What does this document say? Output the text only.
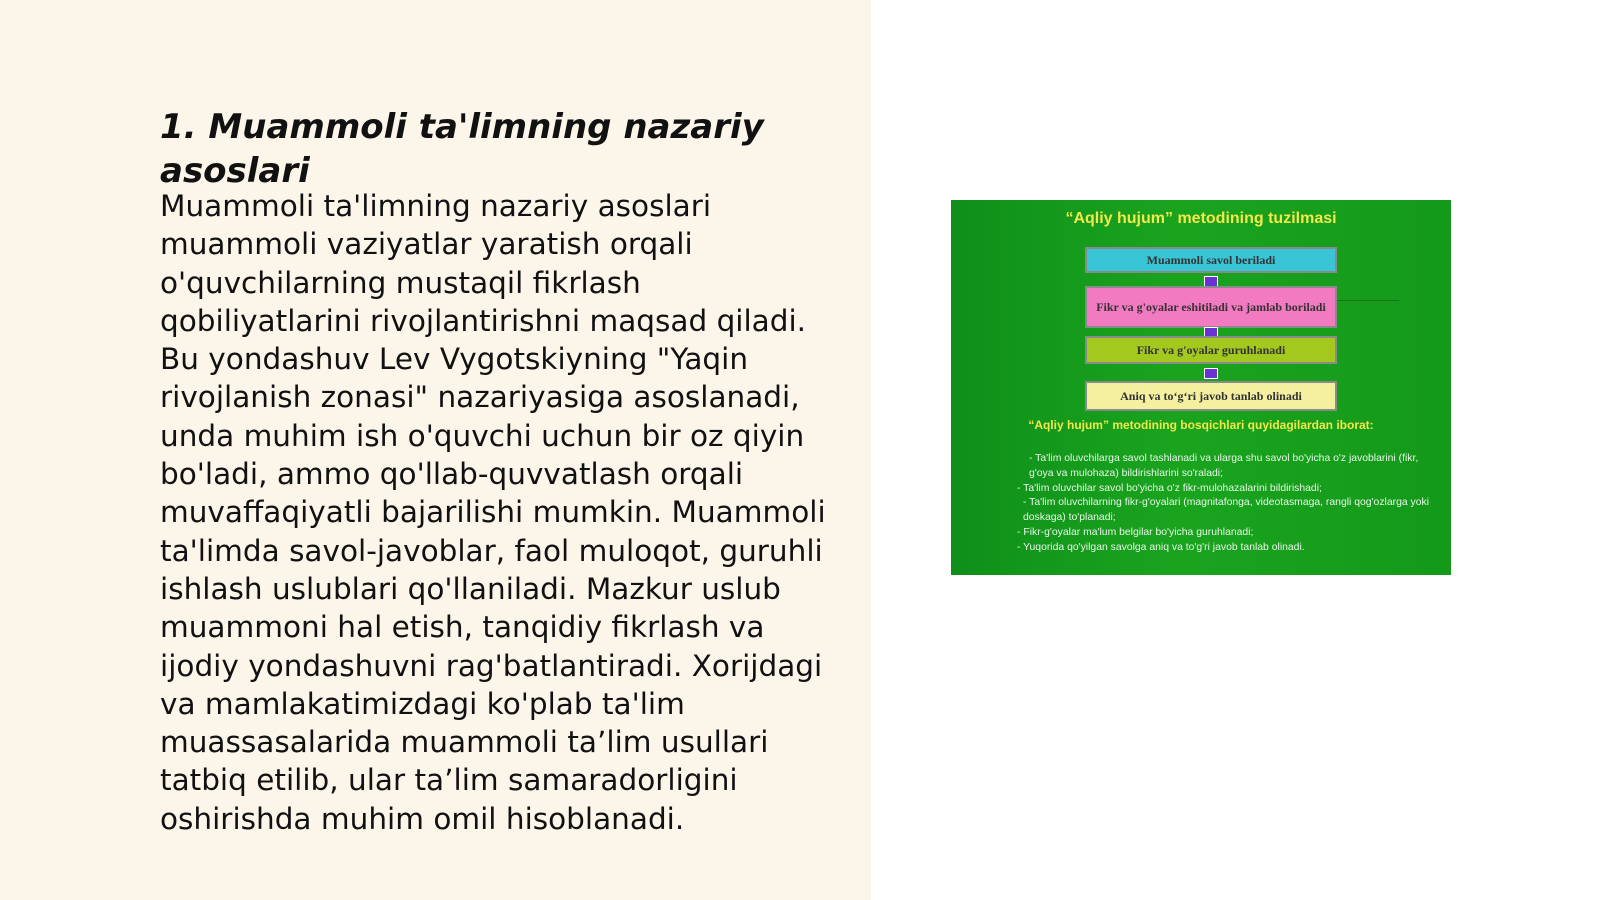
1. Muammoli ta'limning nazariy asoslari

Muammoli ta'limning nazariy asoslari muammoli vaziyatlar yaratish orqali o'quvchilarning mustaqil fikrlash qobiliyatlarini rivojlantirishni maqsad qiladi. Bu yondashuv Lev Vygotskiyning "Yaqin rivojlanish zonasi" nazariyasiga asoslanadi, unda muhim ish o'quvchi uchun bir oz qiyin bo'ladi, ammo qo'llab-quvvatlash orqali muvaffaqiyatli bajarilishi mumkin. Muammoli ta'limda savol-javoblar, faol muloqot, guruhli ishlash uslublari qo'llaniladi. Mazkur uslub muammoni hal etish, tanqidiy fikrlash va ijodiy yondashuvni rag'batlantiradi. Xorijdagi va mamlakatimizdagi ko'plab ta'lim muassasalarida muammoli ta’lim usullari tatbiq etilib, ular ta’lim samaradorligini oshirishda muhim omil hisoblanadi.

“Aqliy hujum” metodining tuzilmasi
Muammoli savol beriladi
Fikr va g'oyalar eshitiladi va jamlab boriladi
Fikr va g'oyalar guruhlanadi
Aniq va to‘g‘ri javob tanlab olinadi
“Aqliy hujum” metodining bosqichlari quyidagilardan iborat:
- Ta'lim oluvchilarga savol tashlanadi va ularga shu savol bo'yicha o'z javoblarini (fikr, g'oya va mulohaza) bildirishlarini so'raladi;
- Ta'lim oluvchilar savol bo'yicha o'z fikr-mulohazalarini bildirishadi;
- Ta'lim oluvchilarning fikr-g'oyalari (magnitafonga, videotasmaga, rangli qog'ozlarga yoki doskaga) to'planadi;
- Fikr-g'oyalar ma'lum belgilar bo'yicha guruhlanadi;
- Yuqorida qo'yilgan savolga aniq va to'g'ri javob tanlab olinadi.
